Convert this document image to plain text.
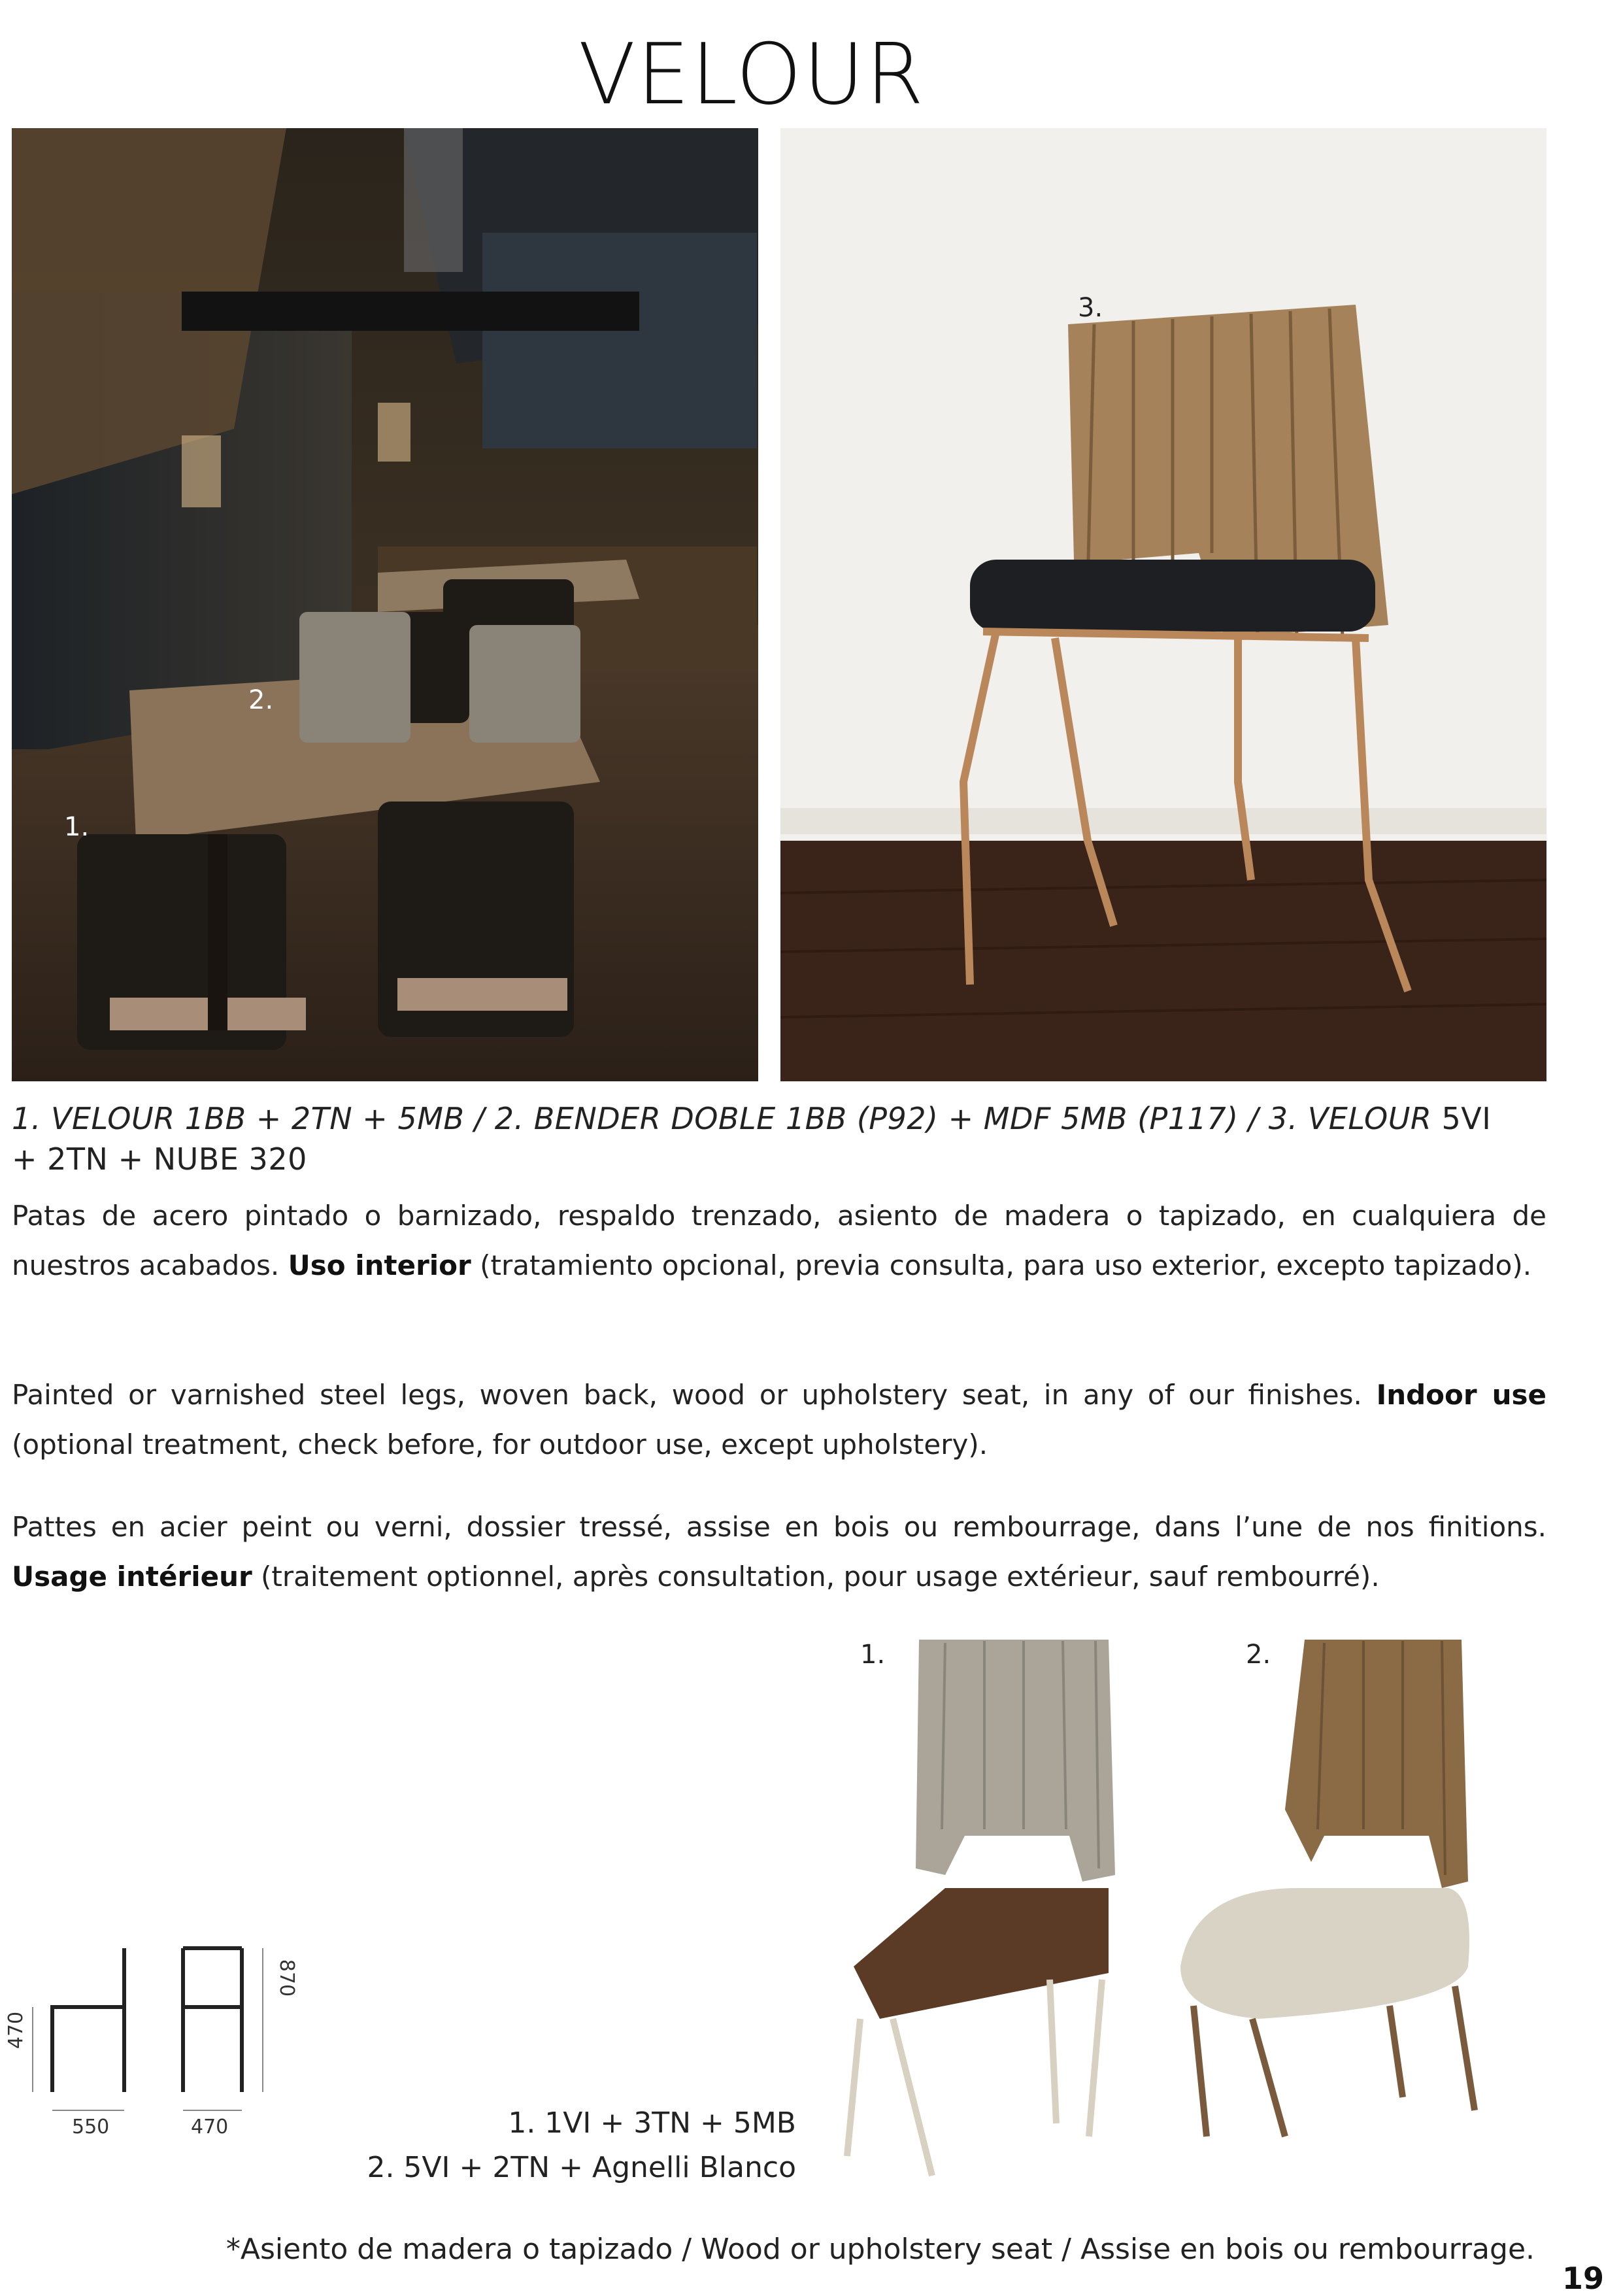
VELOUR
2.
1.
3.
1. VELOUR 1BB + 2TN + 5MB / 2. BENDER DOBLE 1BB (P92) + MDF 5MB (P117) / 3. VELOUR 5VI
+ 2TN + NUBE 320
Patas de acero pintado o barnizado, respaldo trenzado, asiento de madera o tapizado, en cualquiera de nuestros acabados. Uso interior (tratamiento opcional, previa consulta, para uso exterior, excepto tapizado).
Painted or varnished steel legs, woven back, wood or upholstery seat, in any of our finishes. Indoor use (optional treatment, check before, for outdoor use, except upholstery).
Pattes en acier peint ou verni, dossier tressé, assise en bois ou rembourrage, dans l’une de nos finitions. Usage intérieur (traitement optionnel, après consultation, pour usage extérieur, sauf rembourré).
470
550	470
870
1.	2.
1. 1VI + 3TN + 5MB
2. 5VI + 2TN + Agnelli Blanco
*Asiento de madera o tapizado / Wood or upholstery seat / Assise en bois ou rembourrage.
19
